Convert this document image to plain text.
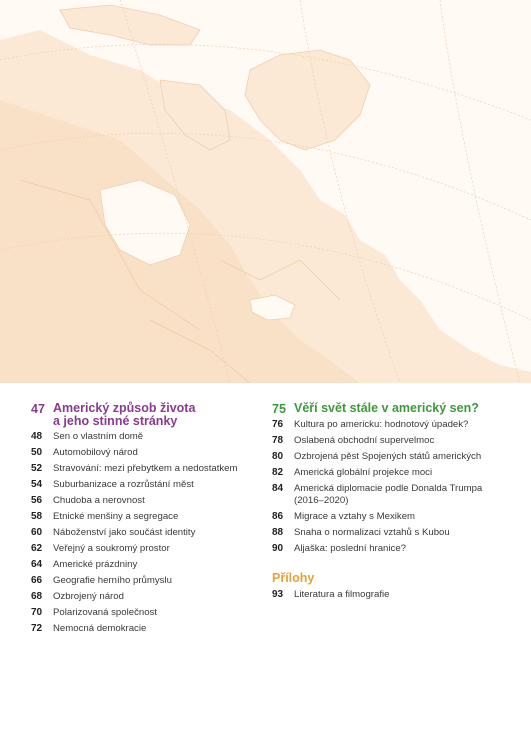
47 Americký způsob života
a jeho stinné stránky
48	Sen o vlastním domě
50	Automobilový národ
52	Stravování: mezi přebytkem a nedostatkem
54	Suburbanizace a rozrůstání měst
56	Chudoba a nerovnost
58	Etnické menšiny a segregace
60	Náboženství jako součást identity
62	Veřejný a soukromý prostor
64	Americké prázdniny
66	Geografie herního průmyslu
68	Ozbrojený národ
70	Polarizovaná společnost
72	Nemocná demokracie
75 Věří svět stále v americký sen?
76	Kultura po americku: hodnotový úpadek?
78	Oslabená obchodní supervelmoc
80	Ozbrojená pěst Spojených států amerických
82	Americká globální projekce moci
84	Americká diplomacie podle Donalda Trumpa
(2016–2020)
86	Migrace a vztahy s Mexikem
88	Snaha o normalizaci vztahů s Kubou
90	Aljaška: poslední hranice?
Přílohy
93	Literatura a filmografie
